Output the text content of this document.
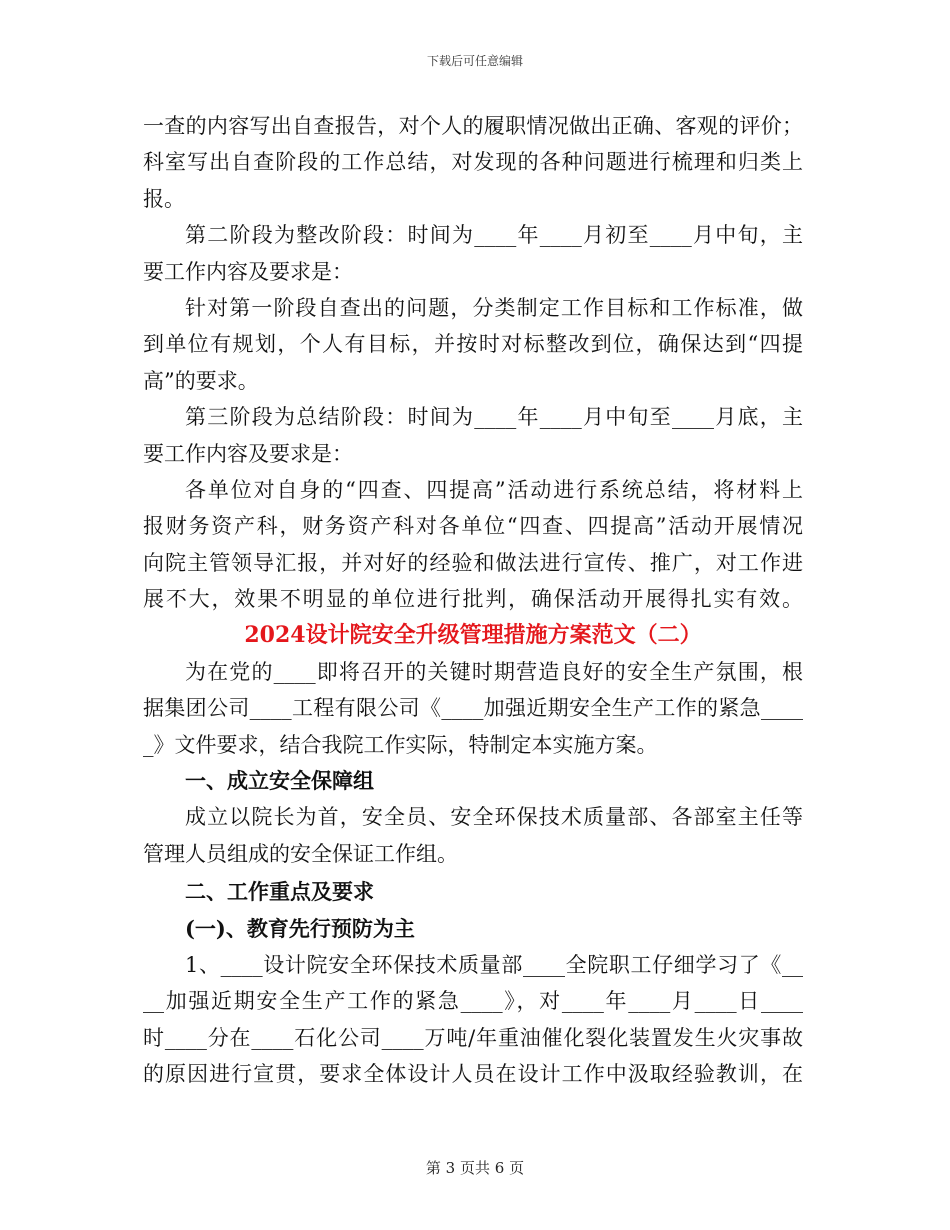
下载后可任意编辑
一查的内容写出自查报告，对个人的履职情况做出正确、客观的评价；
科室写出自查阶段的工作总结，对发现的各种问题进行梳理和归类上
报。
第二阶段为整改阶段：时间为____年____月初至____月中旬，主
要工作内容及要求是：
针对第一阶段自查出的问题，分类制定工作目标和工作标准，做
到单位有规划，个人有目标，并按时对标整改到位，确保达到“四提
高”的要求。
第三阶段为总结阶段：时间为____年____月中旬至____月底，主
要工作内容及要求是：
各单位对自身的“四查、四提高”活动进行系统总结，将材料上
报财务资产科，财务资产科对各单位“四查、四提高”活动开展情况
向院主管领导汇报，并对好的经验和做法进行宣传、推广，对工作进
展不大，效果不明显的单位进行批判，确保活动开展得扎实有效。
2024设计院安全升级管理措施方案范文（二）
为在党的____即将召开的关键时期营造良好的安全生产氛围，根
据集团公司____工程有限公司《____加强近期安全生产工作的紧急____
_》文件要求，结合我院工作实际，特制定本实施方案。
一、成立安全保障组
成立以院长为首，安全员、安全环保技术质量部、各部室主任等
管理人员组成的安全保证工作组。
二、工作重点及要求
(一)、教育先行预防为主
1、____设计院安全环保技术质量部____全院职工仔细学习了《__
__加强近期安全生产工作的紧急____》，对____年____月____日____
时____分在____石化公司____万吨/年重油催化裂化装置发生火灾事故
的原因进行宣贯，要求全体设计人员在设计工作中汲取经验教训，在
第 3 页共 6 页
